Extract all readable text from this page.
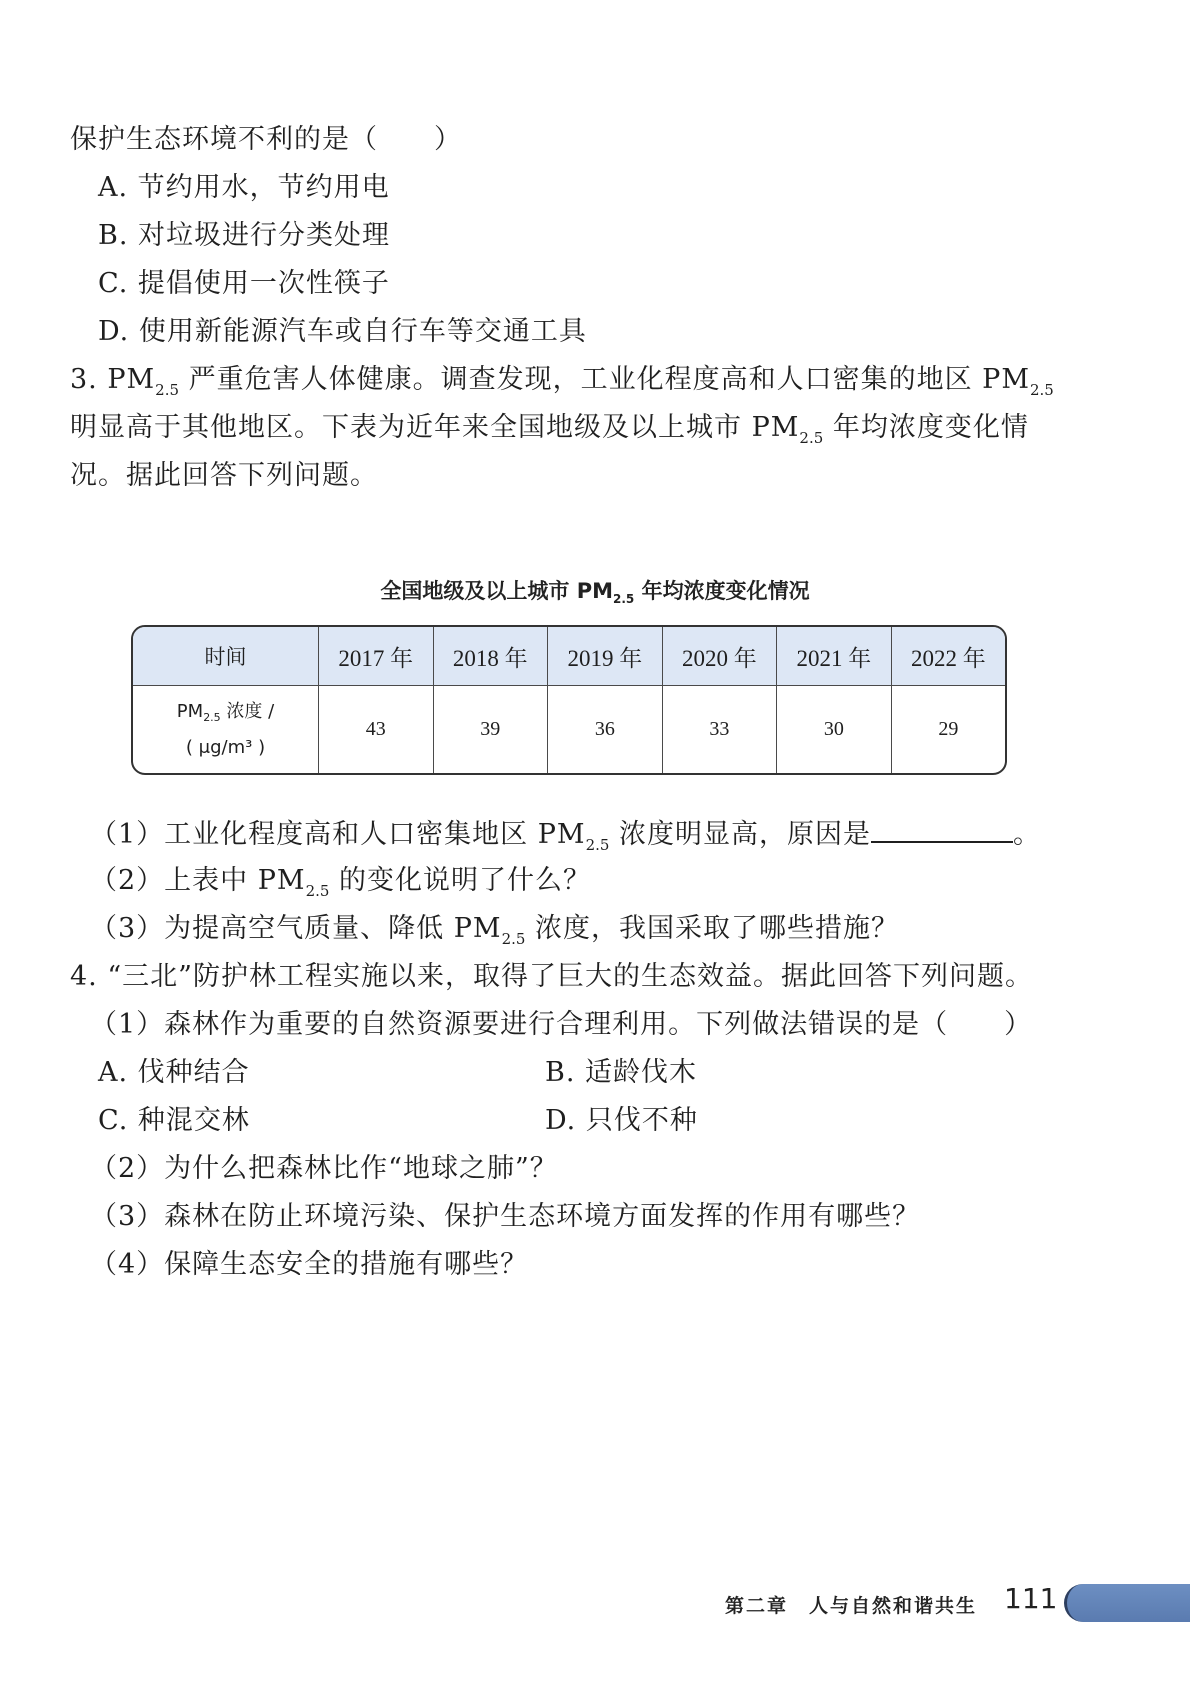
保护生态环境不利的是（　　）
A. 节约用水，节约用电
B. 对垃圾进行分类处理
C. 提倡使用一次性筷子
D. 使用新能源汽车或自行车等交通工具
3. $PM_{2.5}$ 严重危害人体健康。调查发现，工业化程度高和人口密集的地区 $PM_{2.5}$
明显高于其他地区。下表为近年来全国地级及以上城市 $PM_{2.5}$ 年均浓度变化情
况。据此回答下列问题。
全国地级及以上城市 $PM_{2.5}$ 年均浓度变化情况
时间	2017 年	2018 年	2019 年	2020 年	2021 年	2022 年
$PM_{2.5}$ 浓度 /
( μg/m³ )	43	39	36	33	30	29
（1）工业化程度高和人口密集地区 $PM_{2.5}$ 浓度明显高，原因是	。
（2）上表中 $PM_{2.5}$ 的变化说明了什么？
（3）为提高空气质量、降低 $PM_{2.5}$ 浓度，我国采取了哪些措施？
4. “三北”防护林工程实施以来，取得了巨大的生态效益。据此回答下列问题。
（1）森林作为重要的自然资源要进行合理利用。下列做法错误的是（　　）
A. 伐种结合	B. 适龄伐木
C. 种混交林	D. 只伐不种
（2）为什么把森林比作“地球之肺”？
（3）森林在防止环境污染、保护生态环境方面发挥的作用有哪些？
（4）保障生态安全的措施有哪些？
第二章　人与自然和谐共生 111
